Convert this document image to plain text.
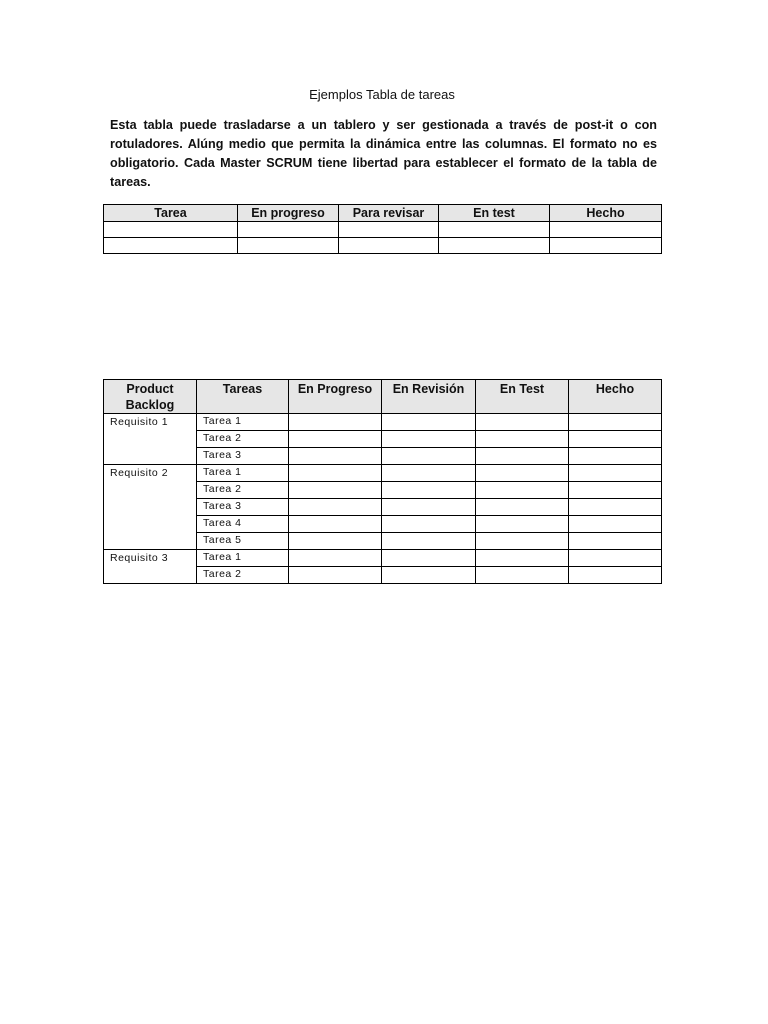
Ejemplos Tabla de tareas

Esta tabla puede trasladarse a un tablero y ser gestionada a través de post-it o con rotuladores. Alúng medio que permita la dinámica entre las columnas. El formato no es obligatorio. Cada Master SCRUM tiene libertad para establecer el formato de la tabla de tareas.

Tarea	En progreso	Para revisar	En test	Hecho

Product Backlog	Tareas	En Progreso	En Revisión	En Test	Hecho
Requisito 1	Tarea 1				
	Tarea 2				
	Tarea 3				
Requisito 2	Tarea 1				
	Tarea 2				
	Tarea 3				
	Tarea 4				
	Tarea 5				
Requisito 3	Tarea 1				
	Tarea 2				
